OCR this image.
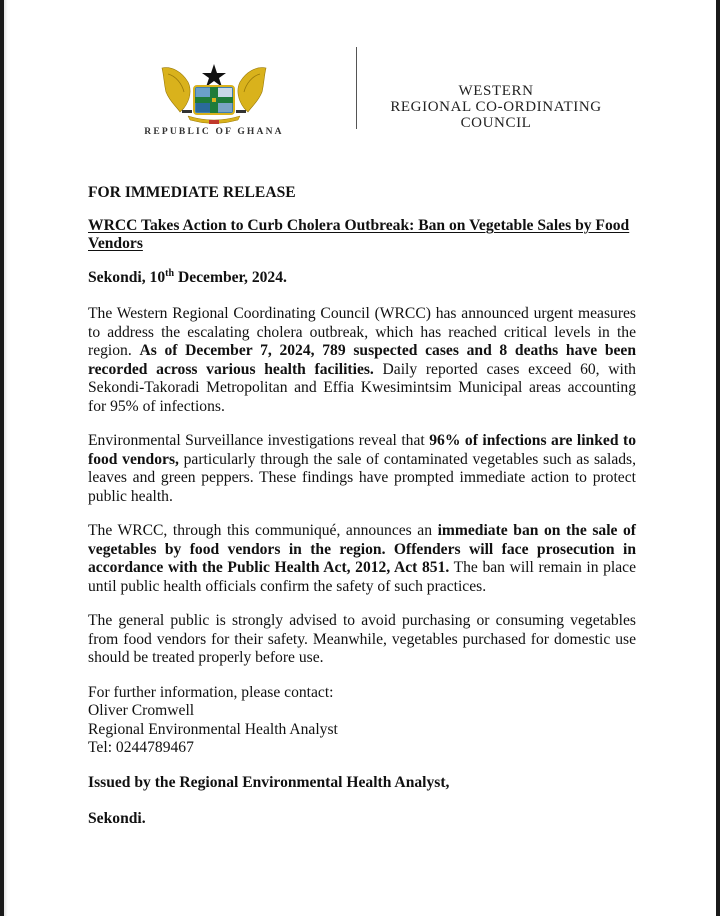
REPUBLIC OF GHANA
WESTERN
REGIONAL CO-ORDINATING
COUNCIL

FOR IMMEDIATE RELEASE

WRCC Takes Action to Curb Cholera Outbreak: Ban on Vegetable Sales by Food Vendors

Sekondi, 10th December, 2024.

The Western Regional Coordinating Council (WRCC) has announced urgent measures to address the escalating cholera outbreak, which has reached critical levels in the region. As of December 7, 2024, 789 suspected cases and 8 deaths have been recorded across various health facilities. Daily reported cases exceed 60, with Sekondi-Takoradi Metropolitan and Effia Kwesimintsim Municipal areas accounting for 95% of infections.

Environmental Surveillance investigations reveal that 96% of infections are linked to food vendors, particularly through the sale of contaminated vegetables such as salads, leaves and green peppers. These findings have prompted immediate action to protect public health.

The WRCC, through this communiqué, announces an immediate ban on the sale of vegetables by food vendors in the region. Offenders will face prosecution in accordance with the Public Health Act, 2012, Act 851. The ban will remain in place until public health officials confirm the safety of such practices.

The general public is strongly advised to avoid purchasing or consuming vegetables from food vendors for their safety. Meanwhile, vegetables purchased for domestic use should be treated properly before use.

For further information, please contact:
Oliver Cromwell
Regional Environmental Health Analyst
Tel: 0244789467

Issued by the Regional Environmental Health Analyst,

Sekondi.
